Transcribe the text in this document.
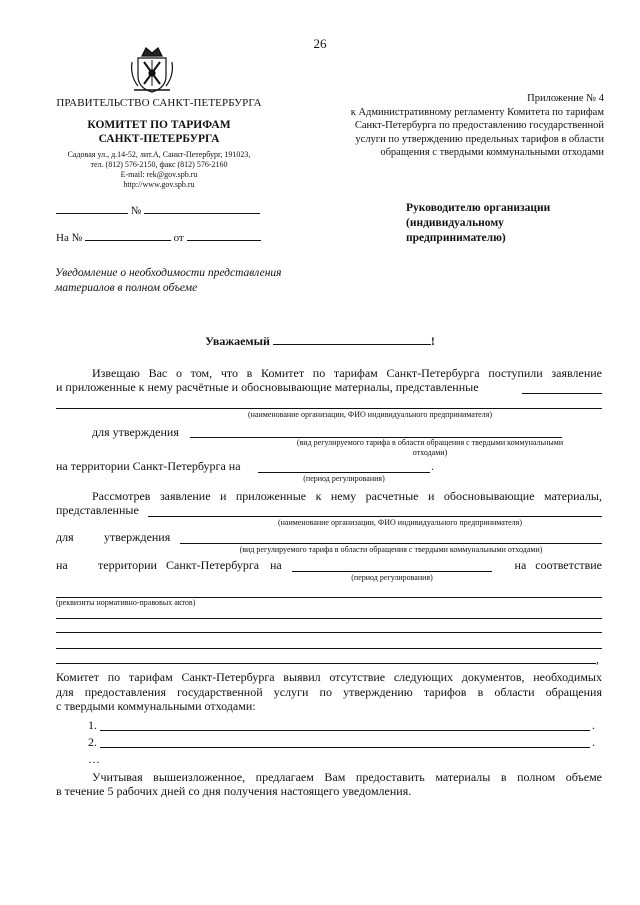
26
Приложение № 4
к Административному регламенту Комитета по тарифам
Санкт-Петербурга по предоставлению государственной
услуги по утверждению предельных тарифов в области
обращения с твердыми коммунальными отходами
ПРАВИТЕЛЬСТВО САНКТ-ПЕТЕРБУРГА
КОМИТЕТ ПО ТАРИФАМ
САНКТ-ПЕТЕРБУРГА
Садовая ул., д.14-52, лит.А, Санкт-Петербург, 191023,
тел. (812) 576-2150, факс (812) 576-2160
E-mail: rek@gov.spb.ru
http://www.gov.spb.ru
№
На №	от
Руководителю организации
(индивидуальному
предпринимателю)
Уведомление о необходимости представления
материалов в полном объеме
Уважаемый	!
Извещаю Вас о том, что в Комитет по тарифам Санкт-Петербурга поступили заявление
и приложенные к нему расчётные и обосновывающие материалы, представленные
(наименование организации, ФИО индивидуального предпринимателя)
для утверждения
(вид регулируемого тарифа в области обращения с твердыми коммунальными
отходами)
на территории Санкт-Петербурга на	.
(период регулирования)
Рассмотрев заявление и приложенные к нему расчетные и обосновывающие материалы,
представленные
(наименование организации, ФИО индивидуального предпринимателя)
для	утверждения
(вид регулируемого тарифа в области обращения с твердыми коммунальными отходами)
на	территории Санкт-Петербурга на	на   соответствие
(период регулирования)
(реквизиты нормативно-правовых актов)
,
Комитет по тарифам Санкт-Петербурга выявил отсутствие следующих документов, необходимых
для предоставления государственной услуги по утверждению тарифов в области обращения
с твердыми коммунальными отходами:
1.	.
2.	.
…
Учитывая вышеизложенное, предлагаем Вам предоставить материалы в полном объеме
в течение 5 рабочих дней со дня получения настоящего уведомления.
